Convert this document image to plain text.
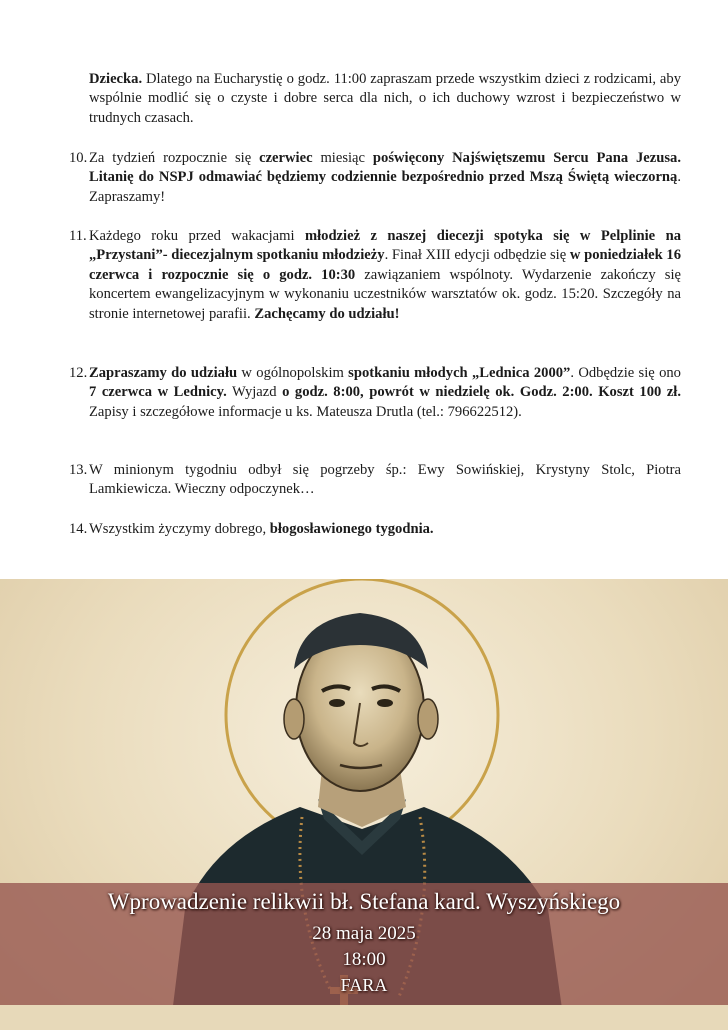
Dziecka. Dlatego na Eucharystię o godz. 11:00 zapraszam przede wszystkim dzieci z rodzicami, aby wspólnie modlić się o czyste i dobre serca dla nich, o ich duchowy wzrost i bezpieczeństwo w trudnych czasach.
10. Za tydzień rozpocznie się czerwiec miesiąc poświęcony Najświętszemu Sercu Pana Jezusa. Litanię do NSPJ odmawiać będziemy codziennie bezpośrednio przed Mszą Świętą wieczorną. Zapraszamy!
11. Każdego roku przed wakacjami młodzież z naszej diecezji spotyka się w Pelplinie na „Przystani”- diecezjalnym spotkaniu młodzieży. Finał XIII edycji odbędzie się w poniedziałek 16 czerwca i rozpocznie się o godz. 10:30 zawiązaniem wspólnoty. Wydarzenie zakończy się koncertem ewangelizacyjnym w wykonaniu uczestników warsztatów ok. godz. 15:20. Szczegóły na stronie internetowej parafii. Zachęcamy do udziału!
12. Zapraszamy do udziału w ogólnopolskim spotkaniu młodych „Lednica 2000”. Odbędzie się ono 7 czerwca w Lednicy. Wyjazd o godz. 8:00, powrót w niedzielę ok. Godz. 2:00. Koszt 100 zł. Zapisy i szczegółowe informacje u ks. Mateusza Drutla (tel.: 796622512).
13. W minionym tygodniu odbył się pogrzeby śp.: Ewy Sowińskiej, Krystyny Stolc, Piotra Lamkiewicza. Wieczny odpoczynek…
14. Wszystkim życzymy dobrego, błogosławionego tygodnia.
Wprowadzenie relikwii bł. Stefana kard. Wyszyńskiego
28 maja 2025
18:00
FARA
